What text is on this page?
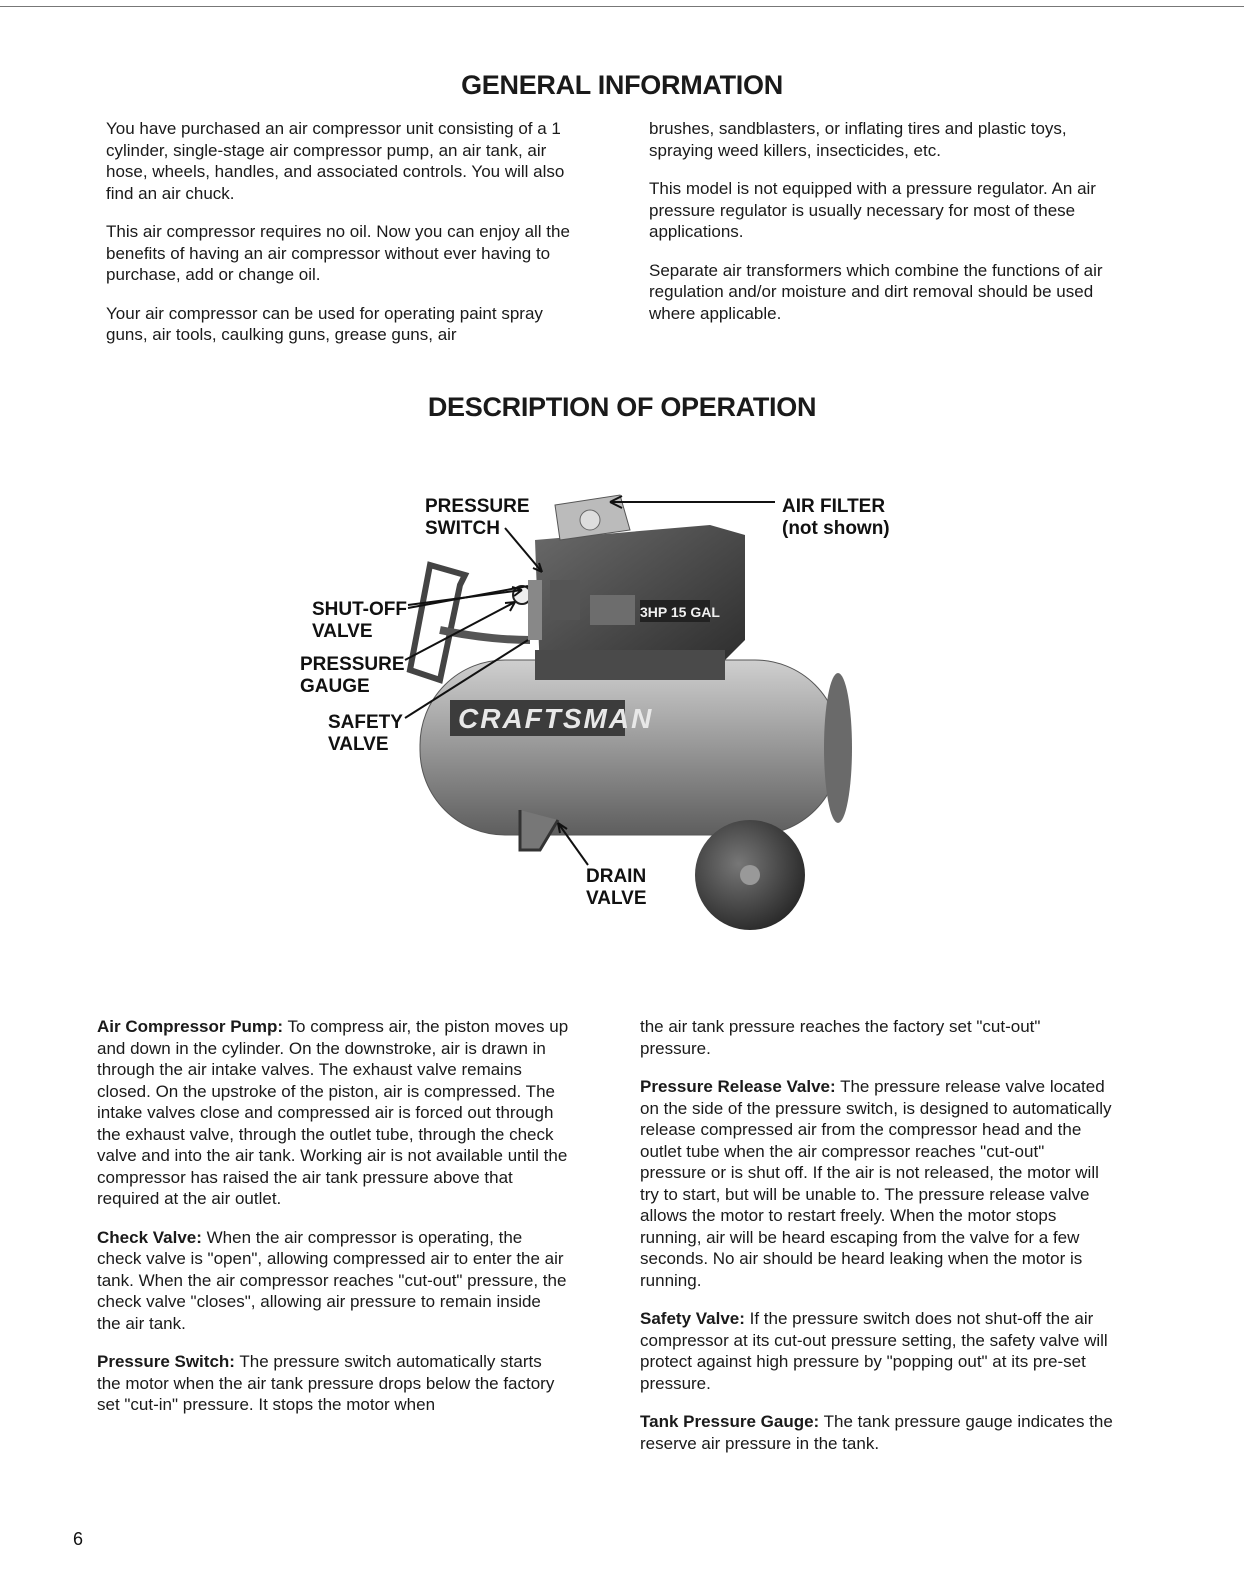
GENERAL INFORMATION

You have purchased an air compressor unit consisting of a 1 cylinder, single-stage air compressor pump, an air tank, air hose, wheels, handles, and associated controls. You will also find an air chuck.

This air compressor requires no oil. Now you can enjoy all the benefits of having an air compressor without ever having to purchase, add or change oil.

Your air compressor can be used for operating paint spray guns, air tools, caulking guns, grease guns, air

brushes, sandblasters, or inflating tires and plastic toys, spraying weed killers, insecticides, etc.

This model is not equipped with a pressure regulator. An air pressure regulator is usually necessary for most of these applications.

Separate air transformers which combine the functions of air regulation and/or moisture and dirt removal should be used where applicable.

DESCRIPTION OF OPERATION
CRAFTSMAN
3HP 15 GAL
PRESSURE
SWITCH
AIR FILTER
(not shown)
SHUT-OFF
VALVE
PRESSURE
GAUGE
SAFETY
VALVE
DRAIN
VALVE

Air Compressor Pump: To compress air, the piston moves up and down in the cylinder. On the downstroke, air is drawn in through the air intake valves. The exhaust valve remains closed. On the upstroke of the piston, air is compressed. The intake valves close and compressed air is forced out through the exhaust valve, through the outlet tube, through the check valve and into the air tank. Working air is not available until the compressor has raised the air tank pressure above that required at the air outlet.

Check Valve: When the air compressor is operating, the check valve is "open", allowing compressed air to enter the air tank. When the air compressor reaches "cut-out" pressure, the check valve "closes", allowing air pressure to remain inside the air tank.

Pressure Switch: The pressure switch automatically starts the motor when the air tank pressure drops below the factory set "cut-in" pressure. It stops the motor when

the air tank pressure reaches the factory set "cut-out" pressure.

Pressure Release Valve: The pressure release valve located on the side of the pressure switch, is designed to automatically release compressed air from the compressor head and the outlet tube when the air compressor reaches "cut-out" pressure or is shut off. If the air is not released, the motor will try to start, but will be unable to. The pressure release valve allows the motor to restart freely. When the motor stops running, air will be heard escaping from the valve for a few seconds. No air should be heard leaking when the motor is running.

Safety Valve: If the pressure switch does not shut-off the air compressor at its cut-out pressure setting, the safety valve will protect against high pressure by "popping out" at its pre-set pressure.

Tank Pressure Gauge: The tank pressure gauge indicates the reserve air pressure in the tank.

6
